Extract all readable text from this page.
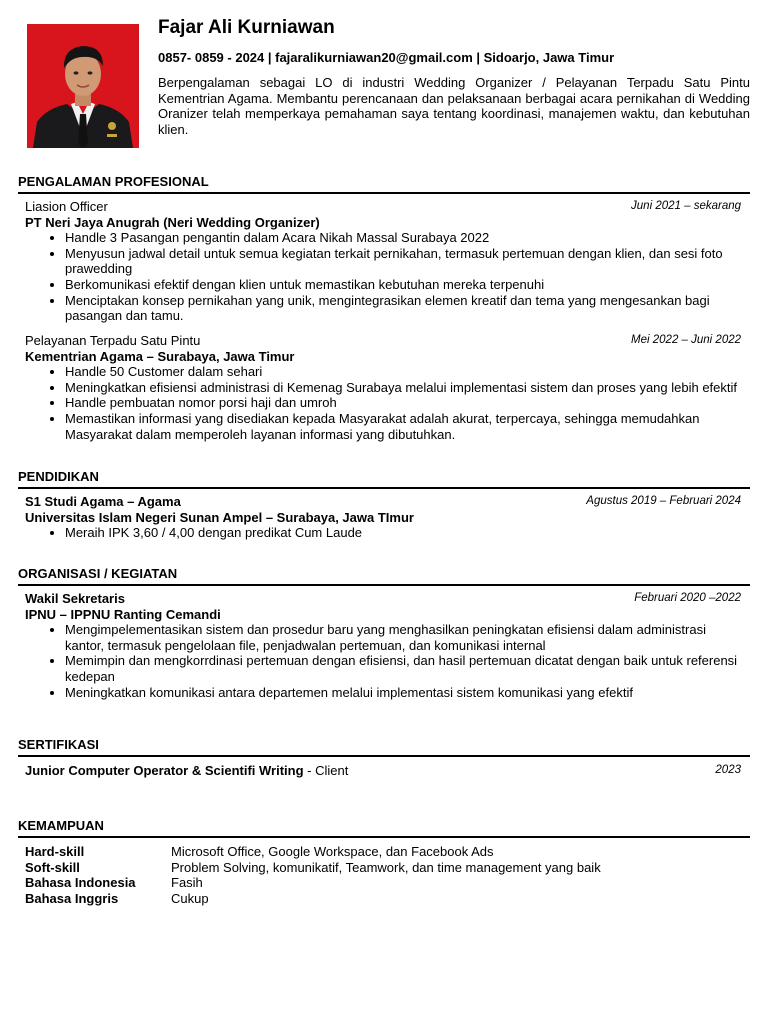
Fajar Ali Kurniawan
0857- 0859 - 2024 | fajaralikurniawan20@gmail.com | Sidoarjo, Jawa Timur
Berpengalaman sebagai LO di industri Wedding Organizer / Pelayanan Terpadu Satu Pintu Kementrian Agama. Membantu perencanaan dan pelaksanaan berbagai acara pernikahan di Wedding Oranizer telah memperkaya pemahaman saya tentang koordinasi, manajemen waktu, dan kebutuhan klien.
PENGALAMAN PROFESIONAL
Liasion Officer	Juni 2021 – sekarang
PT Neri Jaya Anugrah (Neri Wedding Organizer)
• Handle 3 Pasangan pengantin dalam Acara Nikah Massal Surabaya 2022
• Menyusun jadwal detail untuk semua kegiatan terkait pernikahan, termasuk pertemuan dengan klien, dan sesi foto prawedding
• Berkomunikasi efektif dengan klien untuk memastikan kebutuhan mereka terpenuhi
• Menciptakan konsep pernikahan yang unik, mengintegrasikan elemen kreatif dan tema yang mengesankan bagi pasangan dan tamu.
Pelayanan Terpadu Satu Pintu	Mei 2022 – Juni 2022
Kementrian Agama – Surabaya, Jawa Timur
• Handle 50 Customer dalam sehari
• Meningkatkan efisiensi administrasi di Kemenag Surabaya melalui implementasi sistem dan proses yang lebih efektif
• Handle pembuatan nomor porsi haji dan umroh
• Memastikan informasi yang disediakan kepada Masyarakat adalah akurat, terpercaya, sehingga memudahkan Masyarakat dalam memperoleh layanan informasi yang dibutuhkan.
PENDIDIKAN
S1 Studi Agama – Agama	Agustus 2019 – Februari 2024
Universitas Islam Negeri Sunan Ampel – Surabaya, Jawa TImur
• Meraih IPK 3,60 / 4,00 dengan predikat Cum Laude
ORGANISASI / KEGIATAN
Wakil Sekretaris	Februari 2020 –2022
IPNU – IPPNU Ranting Cemandi
• Mengimpelementasikan sistem dan prosedur baru yang menghasilkan peningkatan efisiensi dalam administrasi kantor, termasuk pengelolaan file, penjadwalan pertemuan, dan komunikasi internal
• Memimpin dan mengkorrdinasi pertemuan dengan efisiensi, dan hasil pertemuan dicatat dengan baik untuk referensi kedepan
• Meningkatkan komunikasi antara departemen melalui implementasi sistem komunikasi yang efektif
SERTIFIKASI
Junior Computer Operator & Scientifi Writing - Client	2023
KEMAMPUAN
Hard-skill	Microsoft Office, Google Workspace, dan Facebook Ads
Soft-skill	Problem Solving, komunikatif, Teamwork, dan time management yang baik
Bahasa Indonesia	Fasih
Bahasa Inggris	Cukup
